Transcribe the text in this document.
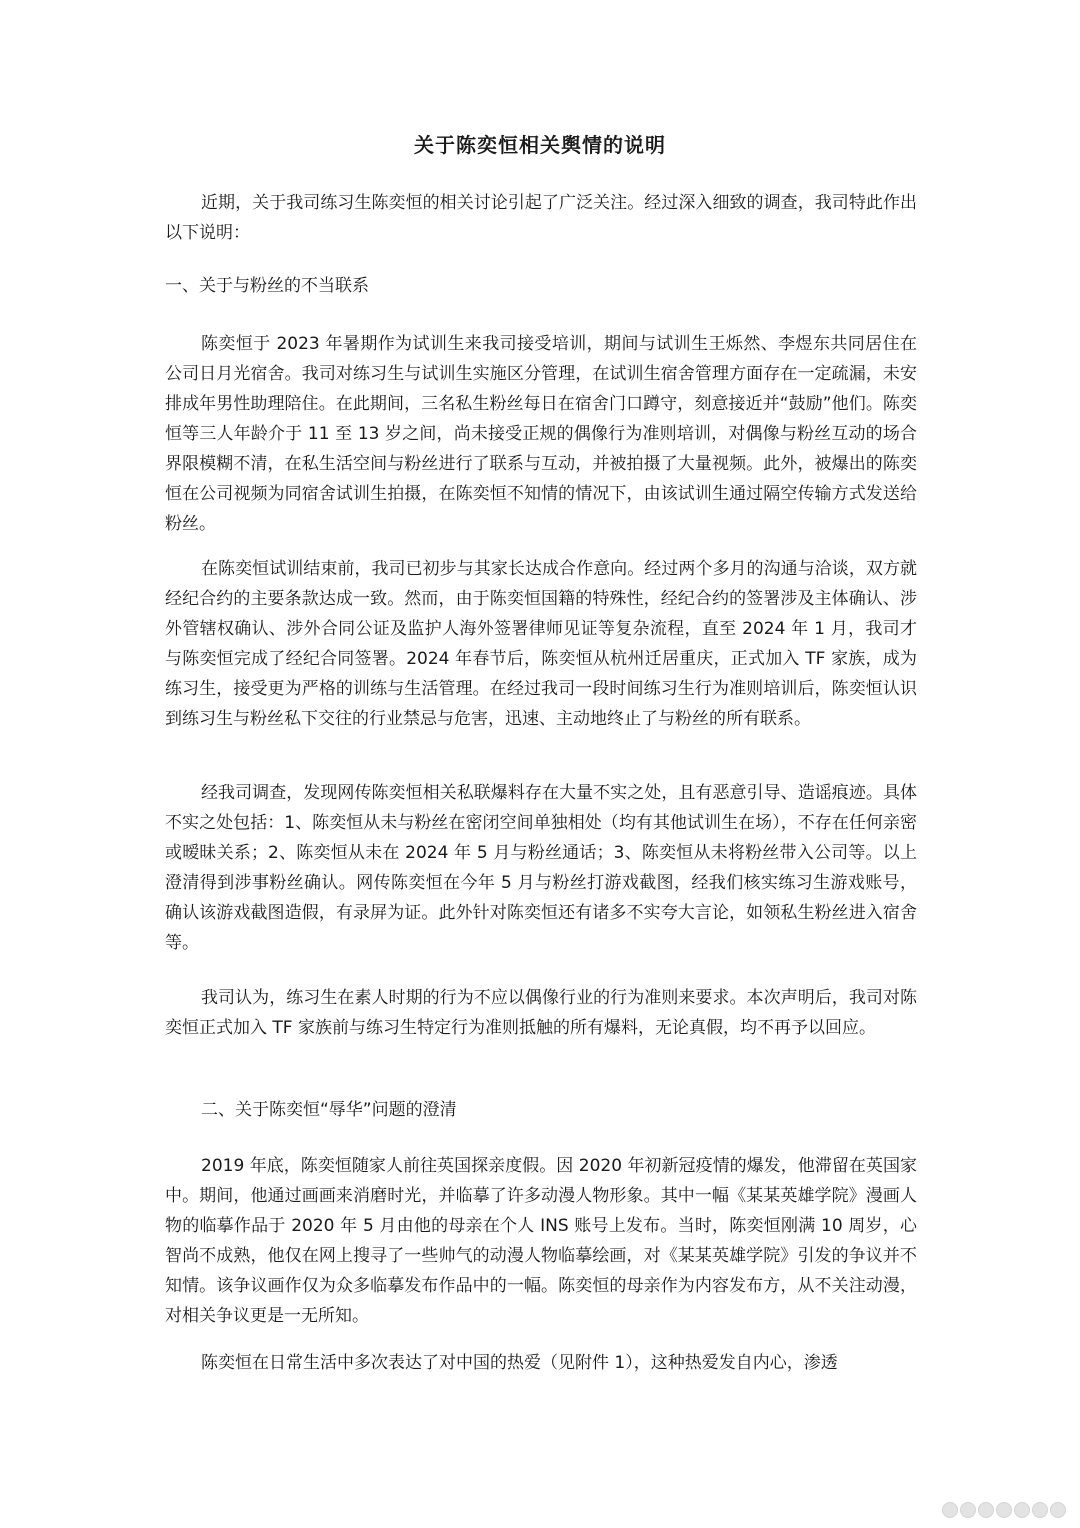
关于陈奕恒相关舆情的说明

近期，关于我司练习生陈奕恒的相关讨论引起了广泛关注。经过深入细致的调查，我司特此作出以下说明：

一、关于与粉丝的不当联系

陈奕恒于 2023 年暑期作为试训生来我司接受培训，期间与试训生王烁然、李煜东共同居住在公司日月光宿舍。我司对练习生与试训生实施区分管理，在试训生宿舍管理方面存在一定疏漏，未安排成年男性助理陪住。在此期间，三名私生粉丝每日在宿舍门口蹲守，刻意接近并“鼓励”他们。陈奕恒等三人年龄介于 11 至 13 岁之间，尚未接受正规的偶像行为准则培训，对偶像与粉丝互动的场合界限模糊不清，在私生活空间与粉丝进行了联系与互动，并被拍摄了大量视频。此外，被爆出的陈奕恒在公司视频为同宿舍试训生拍摄，在陈奕恒不知情的情况下，由该试训生通过隔空传输方式发送给粉丝。

在陈奕恒试训结束前，我司已初步与其家长达成合作意向。经过两个多月的沟通与洽谈，双方就经纪合约的主要条款达成一致。然而，由于陈奕恒国籍的特殊性，经纪合约的签署涉及主体确认、涉外管辖权确认、涉外合同公证及监护人海外签署律师见证等复杂流程，直至 2024 年 1 月，我司才与陈奕恒完成了经纪合同签署。2024 年春节后，陈奕恒从杭州迁居重庆，正式加入 TF 家族，成为练习生，接受更为严格的训练与生活管理。在经过我司一段时间练习生行为准则培训后，陈奕恒认识到练习生与粉丝私下交往的行业禁忌与危害，迅速、主动地终止了与粉丝的所有联系。

经我司调查，发现网传陈奕恒相关私联爆料存在大量不实之处，且有恶意引导、造谣痕迹。具体不实之处包括：1、陈奕恒从未与粉丝在密闭空间单独相处（均有其他试训生在场），不存在任何亲密或暧昧关系；2、陈奕恒从未在 2024 年 5 月与粉丝通话；3、陈奕恒从未将粉丝带入公司等。以上澄清得到涉事粉丝确认。网传陈奕恒在今年 5 月与粉丝打游戏截图，经我们核实练习生游戏账号，确认该游戏截图造假，有录屏为证。此外针对陈奕恒还有诸多不实夸大言论，如领私生粉丝进入宿舍等。

我司认为，练习生在素人时期的行为不应以偶像行业的行为准则来要求。本次声明后，我司对陈奕恒正式加入 TF 家族前与练习生特定行为准则抵触的所有爆料，无论真假，均不再予以回应。

二、关于陈奕恒“辱华”问题的澄清

2019 年底，陈奕恒随家人前往英国探亲度假。因 2020 年初新冠疫情的爆发，他滞留在英国家中。期间，他通过画画来消磨时光，并临摹了许多动漫人物形象。其中一幅《某某英雄学院》漫画人物的临摹作品于 2020 年 5 月由他的母亲在个人 INS 账号上发布。当时，陈奕恒刚满 10 周岁，心智尚不成熟，他仅在网上搜寻了一些帅气的动漫人物临摹绘画，对《某某英雄学院》引发的争议并不知情。该争议画作仅为众多临摹发布作品中的一幅。陈奕恒的母亲作为内容发布方，从不关注动漫，对相关争议更是一无所知。

陈奕恒在日常生活中多次表达了对中国的热爱（见附件 1），这种热爱发自内心，渗透
